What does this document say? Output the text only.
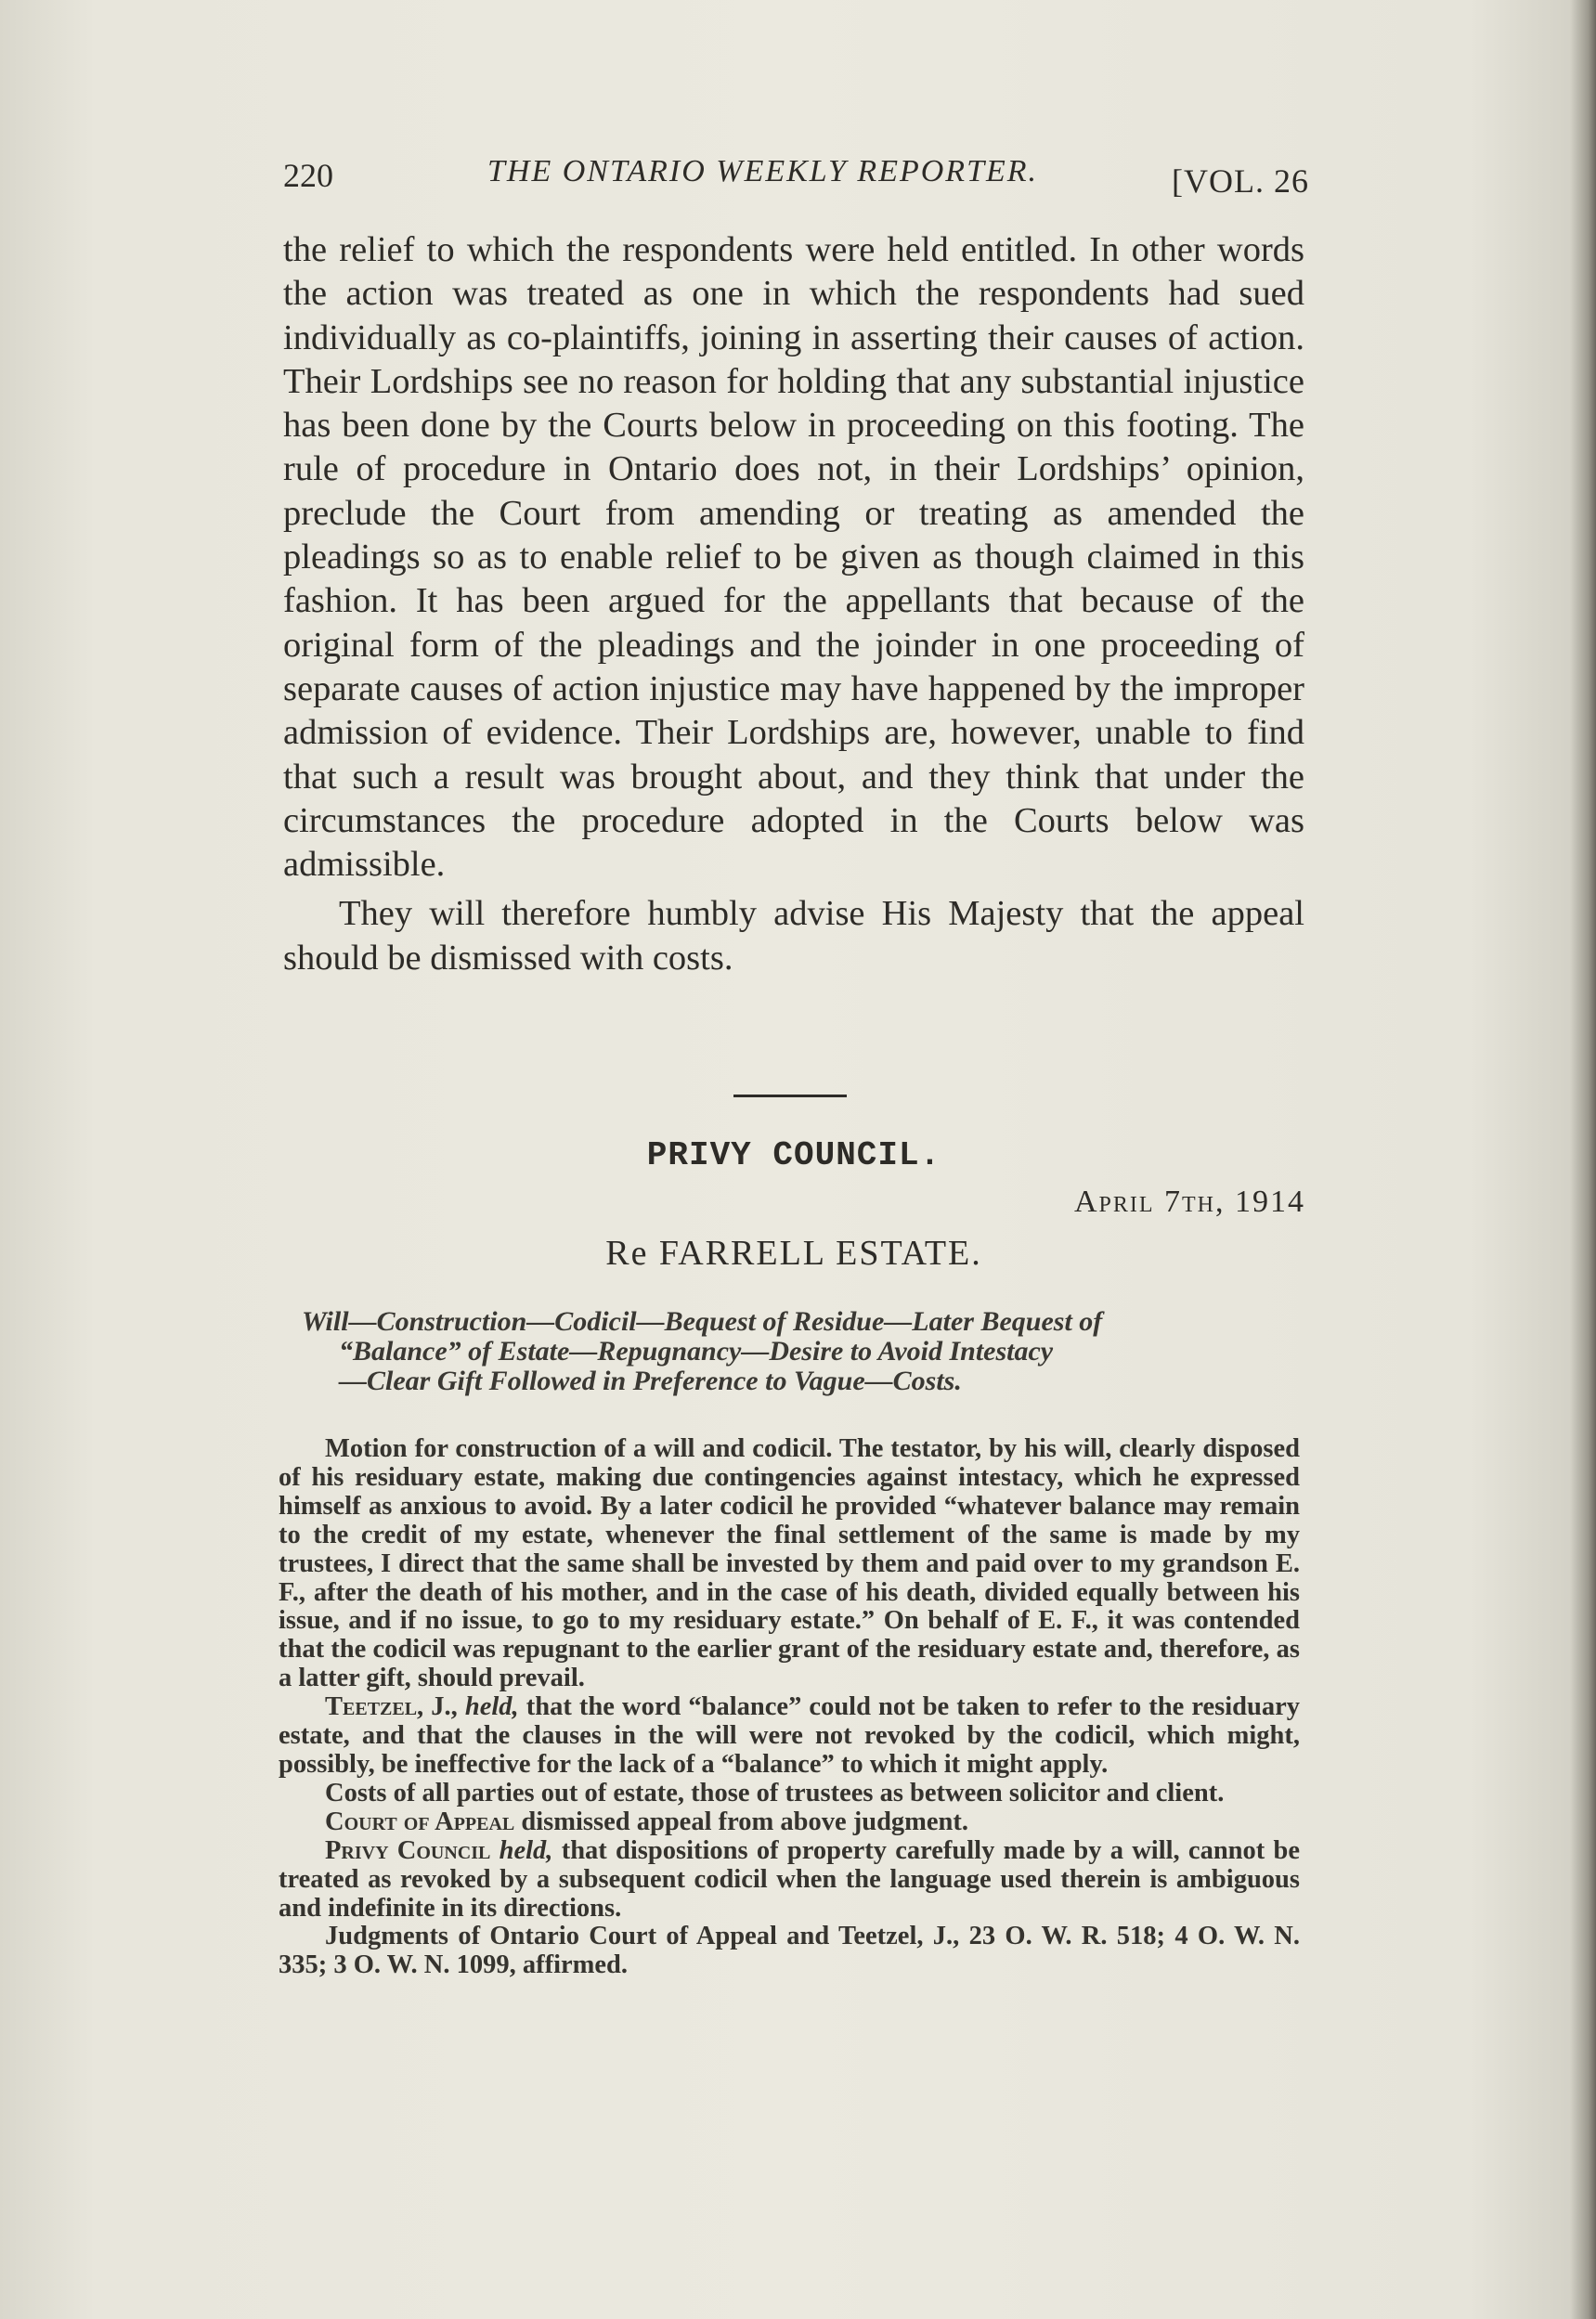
220	THE ONTARIO WEEKLY REPORTER.	[VOL. 26

the relief to which the respondents were held entitled. In other words the action was treated as one in which the respondents had sued individually as co-plaintiffs, joining in asserting their causes of action. Their Lordships see no reason for holding that any substantial injustice has been done by the Courts below in proceeding on this footing. The rule of procedure in Ontario does not, in their Lordships’ opinion, preclude the Court from amending or treating as amended the pleadings so as to enable relief to be given as though claimed in this fashion. It has been argued for the appellants that because of the original form of the pleadings and the joinder in one proceeding of separate causes of action injustice may have happened by the improper admission of evidence. Their Lordships are, however, unable to find that such a result was brought about, and they think that under the circumstances the procedure adopted in the Courts below was admissible.

They will therefore humbly advise His Majesty that the appeal should be dismissed with costs.

PRIVY COUNCIL.
April 7th, 1914
Re FARRELL ESTATE.
Will—Construction—Codicil—Bequest of Residue—Later Bequest of
“Balance” of Estate—Repugnancy—Desire to Avoid Intestacy
—Clear Gift Followed in Preference to Vague—Costs.

Motion for construction of a will and codicil. The testator, by his will, clearly disposed of his residuary estate, making due contingencies against intestacy, which he expressed himself as anxious to avoid. By a later codicil he provided “whatever balance may remain to the credit of my estate, whenever the final settlement of the same is made by my trustees, I direct that the same shall be invested by them and paid over to my grandson E. F., after the death of his mother, and in the case of his death, divided equally between his issue, and if no issue, to go to my residuary estate.” On behalf of E. F., it was contended that the codicil was repugnant to the earlier grant of the residuary estate and, therefore, as a latter gift, should prevail.

Teetzel, J., held, that the word “balance” could not be taken to refer to the residuary estate, and that the clauses in the will were not revoked by the codicil, which might, possibly, be ineffective for the lack of a “balance” to which it might apply.

Costs of all parties out of estate, those of trustees as between solicitor and client.

Court of Appeal dismissed appeal from above judgment.

Privy Council held, that dispositions of property carefully made by a will, cannot be treated as revoked by a subsequent codicil when the language used therein is ambiguous and indefinite in its directions.

Judgments of Ontario Court of Appeal and Teetzel, J., 23 O. W. R. 518; 4 O. W. N. 335; 3 O. W. N. 1099, affirmed.
